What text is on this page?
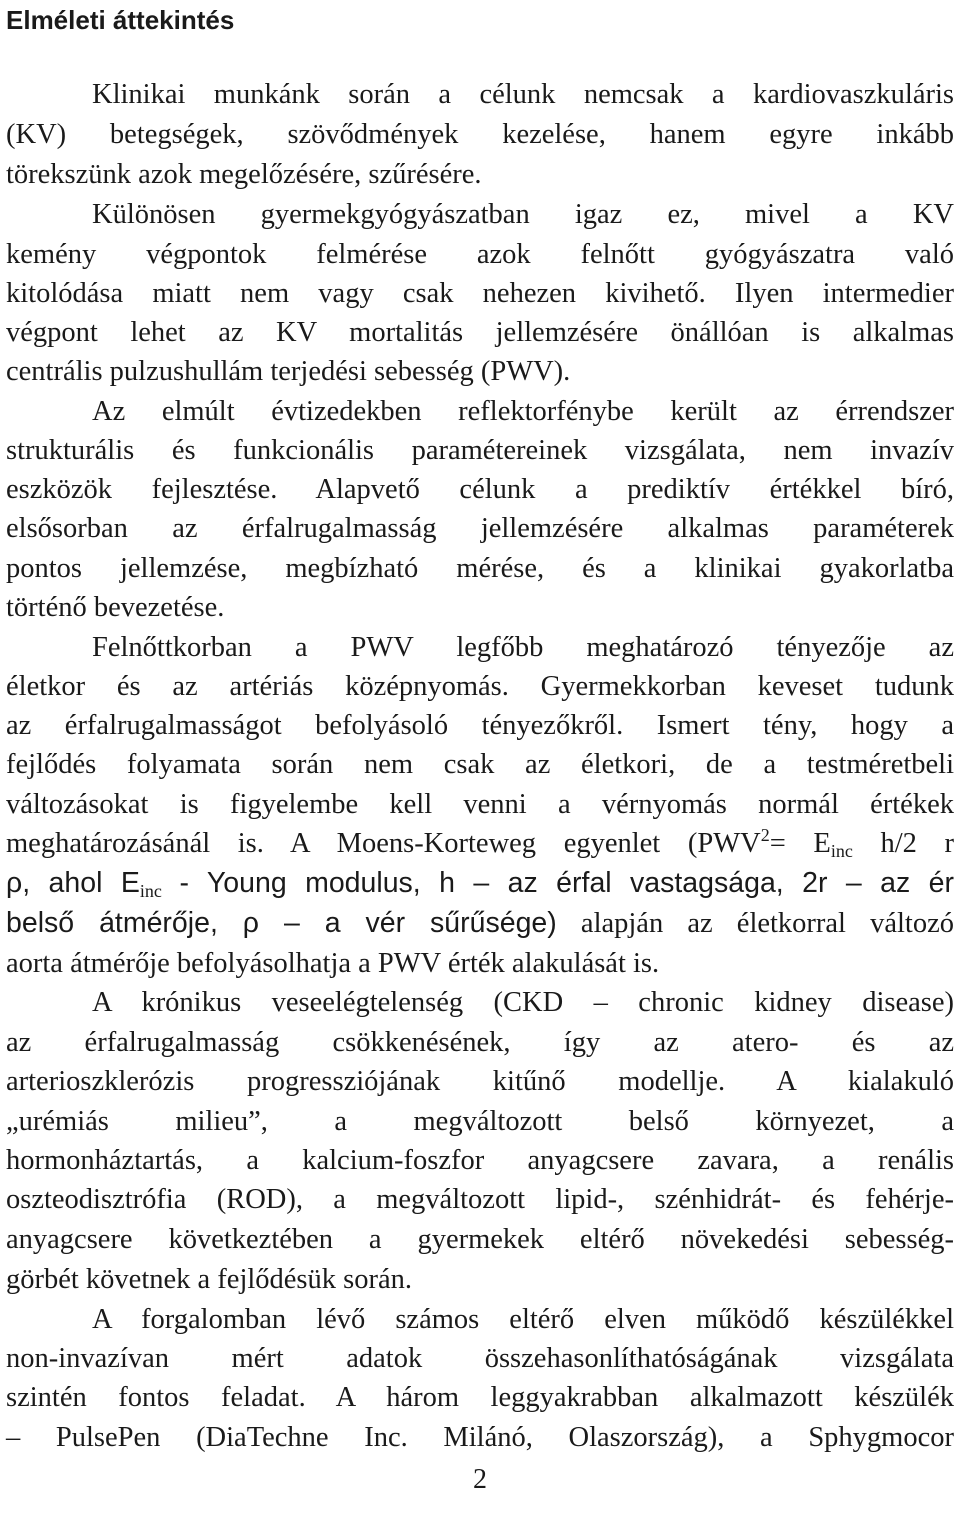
Elméleti áttekintés
Klinikai munkánk során a célunk nemcsak a kardiovaszkuláris
(KV) betegségek, szövődmények kezelése, hanem egyre inkább
törekszünk azok megelőzésére, szűrésére.
Különösen gyermekgyógyászatban igaz ez, mivel a KV
kemény végpontok felmérése azok felnőtt gyógyászatra való
kitolódása miatt nem vagy csak nehezen kivihető. Ilyen intermedier
végpont lehet az KV mortalitás jellemzésére önállóan is alkalmas
centrális pulzushullám terjedési sebesség (PWV).
Az elmúlt évtizedekben reflektorfénybe került az érrendszer
strukturális és funkcionális paramétereinek vizsgálata, nem invazív
eszközök fejlesztése. Alapvető célunk a prediktív értékkel bíró,
elsősorban az érfalrugalmasság jellemzésére alkalmas paraméterek
pontos jellemzése, megbízható mérése, és a klinikai gyakorlatba
történő bevezetése.
Felnőttkorban a PWV legfőbb meghatározó tényezője az
életkor és az artériás középnyomás. Gyermekkorban keveset tudunk
az érfalrugalmasságot befolyásoló tényezőkről. Ismert tény, hogy a
fejlődés folyamata során nem csak az életkori, de a testméretbeli
változásokat is figyelembe kell venni a vérnyomás normál értékek
meghatározásánál is. A Moens-Korteweg egyenlet ($PWV^2= E_{inc}$ h/2 r
ρ, ahol $E_{inc}$ - Young modulus, h – az érfal vastagsága, 2r – az ér
belső átmérője, ρ – a vér sűrűsége) alapján az életkorral változó
aorta átmérője befolyásolhatja a PWV érték alakulását is.
A krónikus veseelégtelenség (CKD – chronic kidney disease)
az érfalrugalmasság csökkenésének, így az atero- és az
arterioszklerózis progressziójának kitűnő modellje. A kialakuló
„urémiás milieu”, a megváltozott belső környezet, a
hormonháztartás, a kalcium-foszfor anyagcsere zavara, a renális
oszteodisztrófia (ROD), a megváltozott lipid-, szénhidrát- és fehérje-
anyagcsere következtében a gyermekek eltérő növekedési sebesség-
görbét követnek a fejlődésük során.
A forgalomban lévő számos eltérő elven működő készülékkel
non-invazívan mért adatok összehasonlíthatóságának vizsgálata
szintén fontos feladat. A három leggyakrabban alkalmazott készülék
– PulsePen (DiaTechne Inc. Milánó, Olaszország), a Sphygmocor
2
